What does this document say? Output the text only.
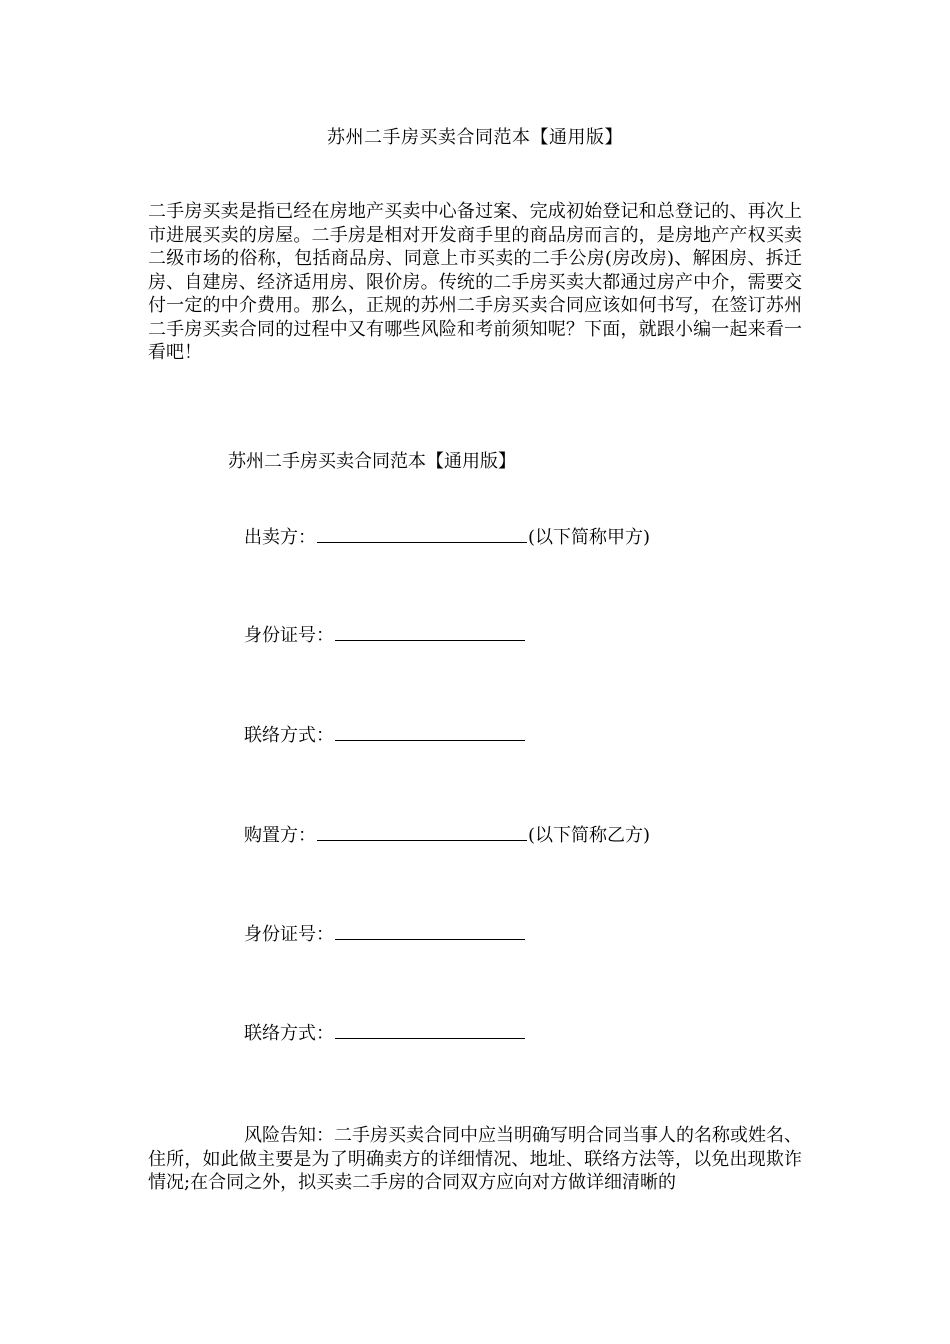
苏州二手房买卖合同范本【通用版】

二手房买卖是指已经在房地产买卖中心备过案、完成初始登记和总登记的、再次上市进展买卖的房屋。二手房是相对开发商手里的商品房而言的，是房地产产权买卖二级市场的俗称，包括商品房、同意上市买卖的二手公房(房改房)、解困房、拆迁房、自建房、经济适用房、限价房。传统的二手房买卖大都通过房产中介，需要交付一定的中介费用。那么，正规的苏州二手房买卖合同应该如何书写，在签订苏州二手房买卖合同的过程中又有哪些风险和考前须知呢？下面，就跟小编一起来看一看吧！

苏州二手房买卖合同范本【通用版】
出卖方：	(以下简称甲方)
身份证号：
联络方式：
购置方：	(以下简称乙方)
身份证号：
联络方式：

风险告知：二手房买卖合同中应当明确写明合同当事人的名称或姓名、住所，如此做主要是为了明确卖方的详细情况、地址、联络方法等，以免出现欺诈情况;在合同之外，拟买卖二手房的合同双方应向对方做详细清晰的
